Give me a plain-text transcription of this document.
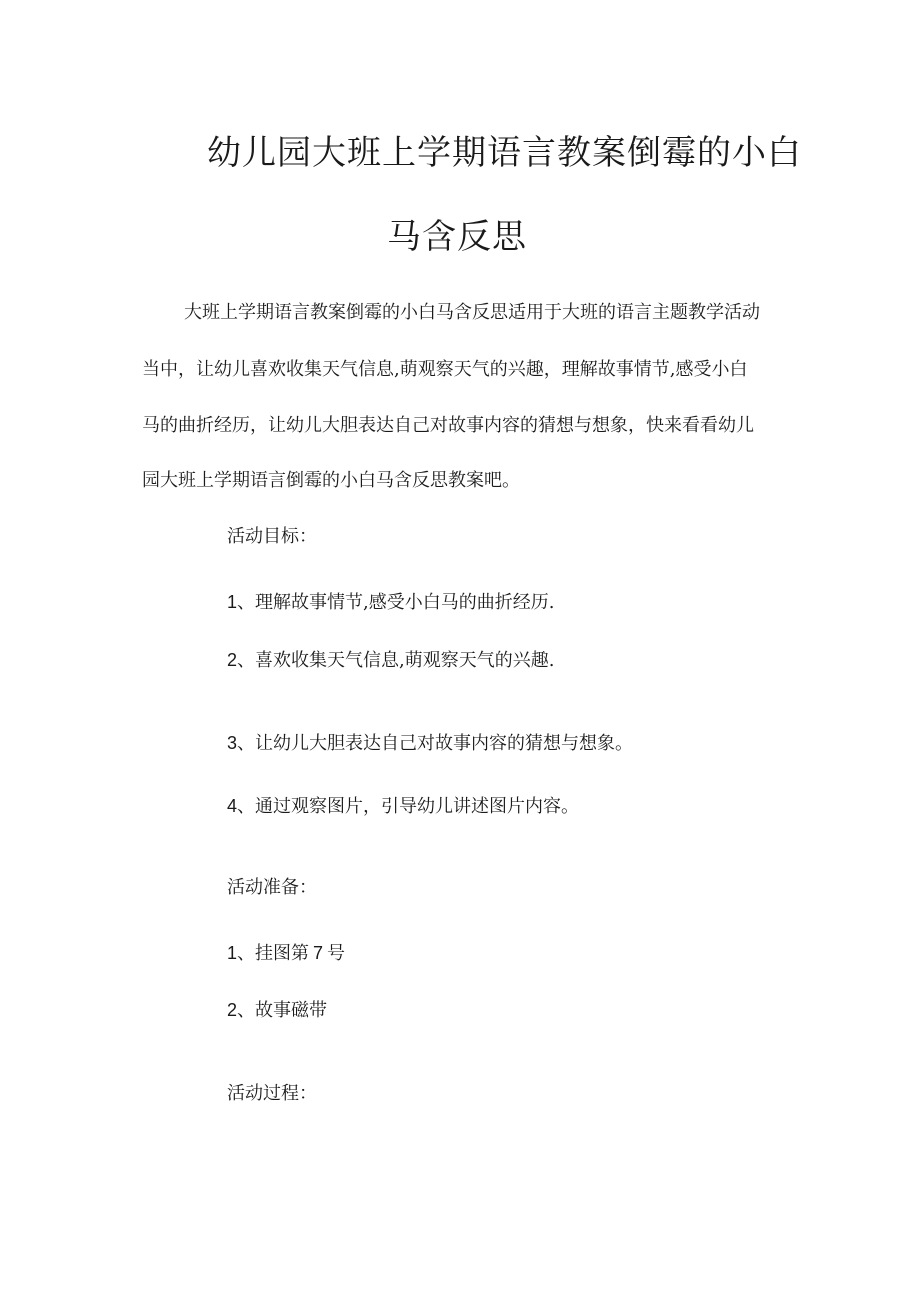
幼儿园大班上学期语言教案倒霉的小白
马含反思
大班上学期语言教案倒霉的小白马含反思适用于大班的语言主题教学活动
当中，让幼儿喜欢收集天气信息,萌观察天气的兴趣，理解故事情节,感受小白
马的曲折经历，让幼儿大胆表达自己对故事内容的猜想与想象，快来看看幼儿
园大班上学期语言倒霉的小白马含反思教案吧。
活动目标：
1、理解故事情节,感受小白马的曲折经历.
2、喜欢收集天气信息,萌观察天气的兴趣.
3、让幼儿大胆表达自己对故事内容的猜想与想象。
4、通过观察图片，引导幼儿讲述图片内容。
活动准备：
1、挂图第 7 号
2、故事磁带
活动过程：
